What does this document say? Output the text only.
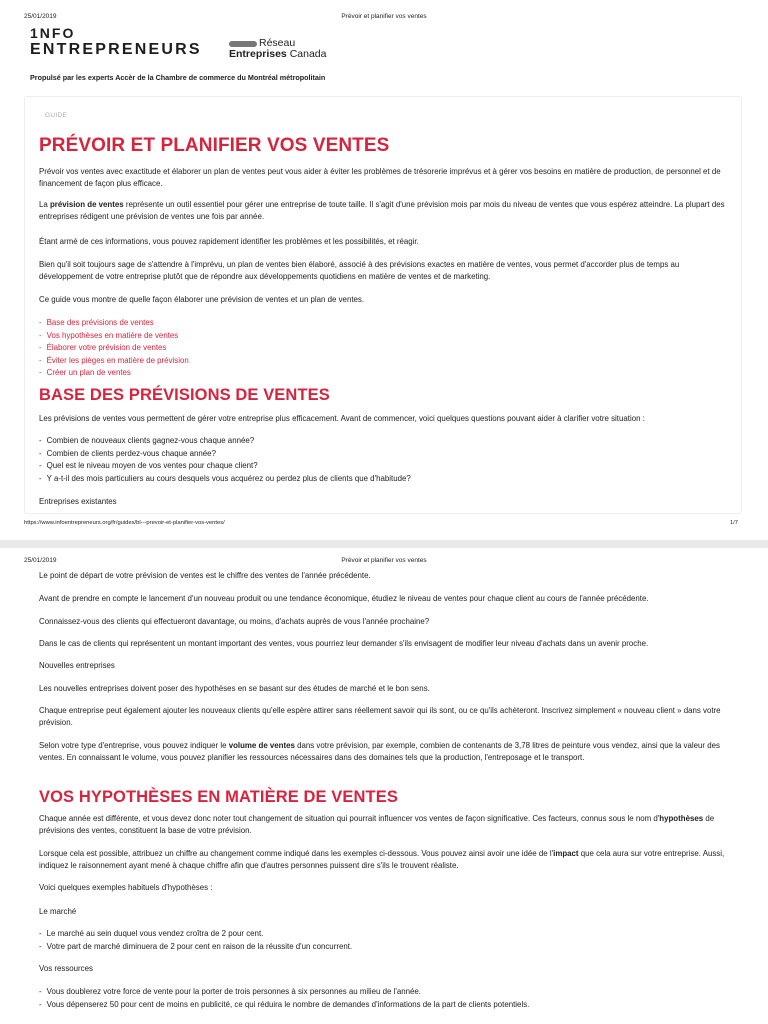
25/01/2019	Prévoir et planifier vos ventes
1NFO
ENTREPRENEURS	Réseau
Entreprises Canada
Propulsé par les experts Accèr de la Chambre de commerce du Montréal métropolitain
GUIDE
PRÉVOIR ET PLANIFIER VOS VENTES

Prévoir vos ventes avec exactitude et élaborer un plan de ventes peut vous aider à éviter les problèmes de trésorerie imprévus et à gérer vos besoins en matière de production, de personnel et de financement de façon plus efficace.

La prévision de ventes représente un outil essentiel pour gérer une entreprise de toute taille. Il s'agit d'une prévision mois par mois du niveau de ventes que vous espérez atteindre. La plupart des entreprises rédigent une prévision de ventes une fois par année.

Étant armé de ces informations, vous pouvez rapidement identifier les problèmes et les possibilités, et réagir.

Bien qu'il soit toujours sage de s'attendre à l'imprévu, un plan de ventes bien élaboré, associé à des prévisions exactes en matière de ventes, vous permet d'accorder plus de temps au développement de votre entreprise plutôt que de répondre aux développements quotidiens en matière de ventes et de marketing.

Ce guide vous montre de quelle façon élaborer une prévision de ventes et un plan de ventes.

- Base des prévisions de ventes
- Vos hypothèses en matière de ventes
- Élaborer votre prévision de ventes
- Éviter les pièges en matière de prévision
- Créer un plan de ventes
BASE DES PRÉVISIONS DE VENTES

Les prévisions de ventes vous permettent de gérer votre entreprise plus efficacement. Avant de commencer, voici quelques questions pouvant aider à clarifier votre situation :

- Combien de nouveaux clients gagnez-vous chaque année?
- Combien de clients perdez-vous chaque année?
- Quel est le niveau moyen de vos ventes pour chaque client?
- Y a-t-il des mois particuliers au cours desquels vous acquérez ou perdez plus de clients que d'habitude?

Entreprises existantes

https://www.infoentrepreneurs.org/fr/guides/bl---prevoir-et-planifier-vos-ventes/	1/7
25/01/2019	Prévoir et planifier vos ventes

Le point de départ de votre prévision de ventes est le chiffre des ventes de l'année précédente.

Avant de prendre en compte le lancement d'un nouveau produit ou une tendance économique, étudiez le niveau de ventes pour chaque client au cours de l'année précédente.

Connaissez-vous des clients qui effectueront davantage, ou moins, d'achats auprès de vous l'année prochaine?

Dans le cas de clients qui représentent un montant important des ventes, vous pourriez leur demander s'ils envisagent de modifier leur niveau d'achats dans un avenir proche.

Nouvelles entreprises

Les nouvelles entreprises doivent poser des hypothèses en se basant sur des études de marché et le bon sens.

Chaque entreprise peut également ajouter les nouveaux clients qu'elle espère attirer sans réellement savoir qui ils sont, ou ce qu'ils achèteront. Inscrivez simplement « nouveau client » dans votre prévision.

Selon votre type d'entreprise, vous pouvez indiquer le volume de ventes dans votre prévision, par exemple, combien de contenants de 3,78 litres de peinture vous vendez, ainsi que la valeur des ventes. En connaissant le volume, vous pouvez planifier les ressources nécessaires dans des domaines tels que la production, l'entreposage et le transport.

VOS HYPOTHÈSES EN MATIÈRE DE VENTES

Chaque année est différente, et vous devez donc noter tout changement de situation qui pourrait influencer vos ventes de façon significative. Ces facteurs, connus sous le nom d'hypothèses de prévisions des ventes, constituent la base de votre prévision.

Lorsque cela est possible, attribuez un chiffre au changement comme indiqué dans les exemples ci-dessous. Vous pouvez ainsi avoir une idée de l'impact que cela aura sur votre entreprise. Aussi, indiquez le raisonnement ayant mené à chaque chiffre afin que d'autres personnes puissent dire s'ils le trouvent réaliste.

Voici quelques exemples habituels d'hypothèses :

Le marché

- Le marché au sein duquel vous vendez croîtra de 2 pour cent.
- Votre part de marché diminuera de 2 pour cent en raison de la réussite d'un concurrent.

Vos ressources

- Vous doublerez votre force de vente pour la porter de trois personnes à six personnes au milieu de l'année.
- Vous dépenserez 50 pour cent de moins en publicité, ce qui réduira le nombre de demandes d'informations de la part de clients potentiels.
